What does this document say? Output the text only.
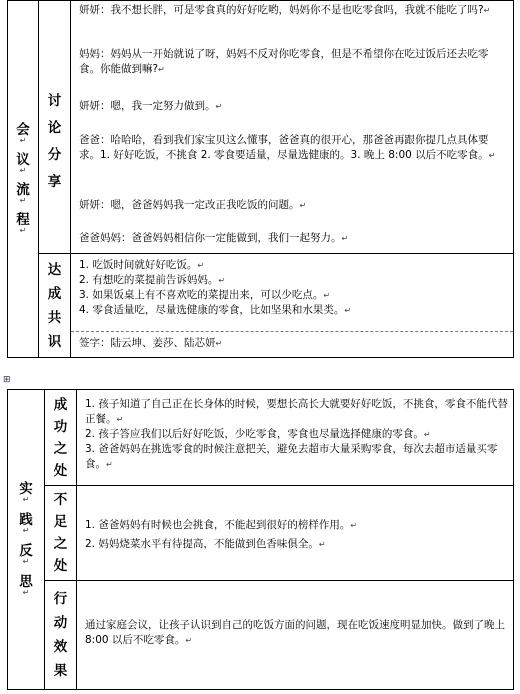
会
↵
议
↵
流
↵
程
↵
讨
论
分
享
达
成
共
识

妍妍：我不想长胖，可是零食真的好好吃哟，妈妈你不是也吃零食吗，我就不能吃了吗?↵

妈妈：妈妈从一开始就说了呀，妈妈不反对你吃零食，但是不希望你在吃过饭后还去吃零食。你能做到嘛?↵

妍妍：嗯，我一定努力做到。↵

爸爸：哈哈哈，看到我们家宝贝这么懂事，爸爸真的很开心，那爸爸再跟你提几点具体要求。1. 好好吃饭，不挑食 2. 零食要适量，尽量选健康的。3. 晚上 8:00 以后不吃零食。↵

妍妍：嗯，爸爸妈妈我一定改正我吃饭的问题。↵

爸爸妈妈：爸爸妈妈相信你一定能做到，我们一起努力。↵

1. 吃饭时间就好好吃饭。↵

2. 有想吃的菜提前告诉妈妈。↵

3. 如果饭桌上有不喜欢吃的菜提出来，可以少吃点。↵

4. 零食适量吃，尽量选健康的零食，比如坚果和水果类。↵

签字：陆云坤、姜莎、陆芯妍↵
⊞
实
↵
践
↵
反
↵
思
↵
成
功
之
处
不
足
之
处
行
动
效
果

1. 孩子知道了自己正在长身体的时候，要想长高长大就要好好吃饭，不挑食，零食不能代替正餐。↵

2. 孩子答应我们以后好好吃饭，少吃零食，零食也尽量选择健康的零食。↵

3. 爸爸妈妈在挑选零食的时候注意把关，避免去超市大量采购零食，每次去超市适量买零食。↵

1. 爸爸妈妈有时候也会挑食，不能起到很好的榜样作用。↵

2. 妈妈烧菜水平有待提高，不能做到色香味俱全。↵

通过家庭会议，让孩子认识到自己的吃饭方面的问题，现在吃饭速度明显加快。做到了晚上 8:00 以后不吃零食。↵
